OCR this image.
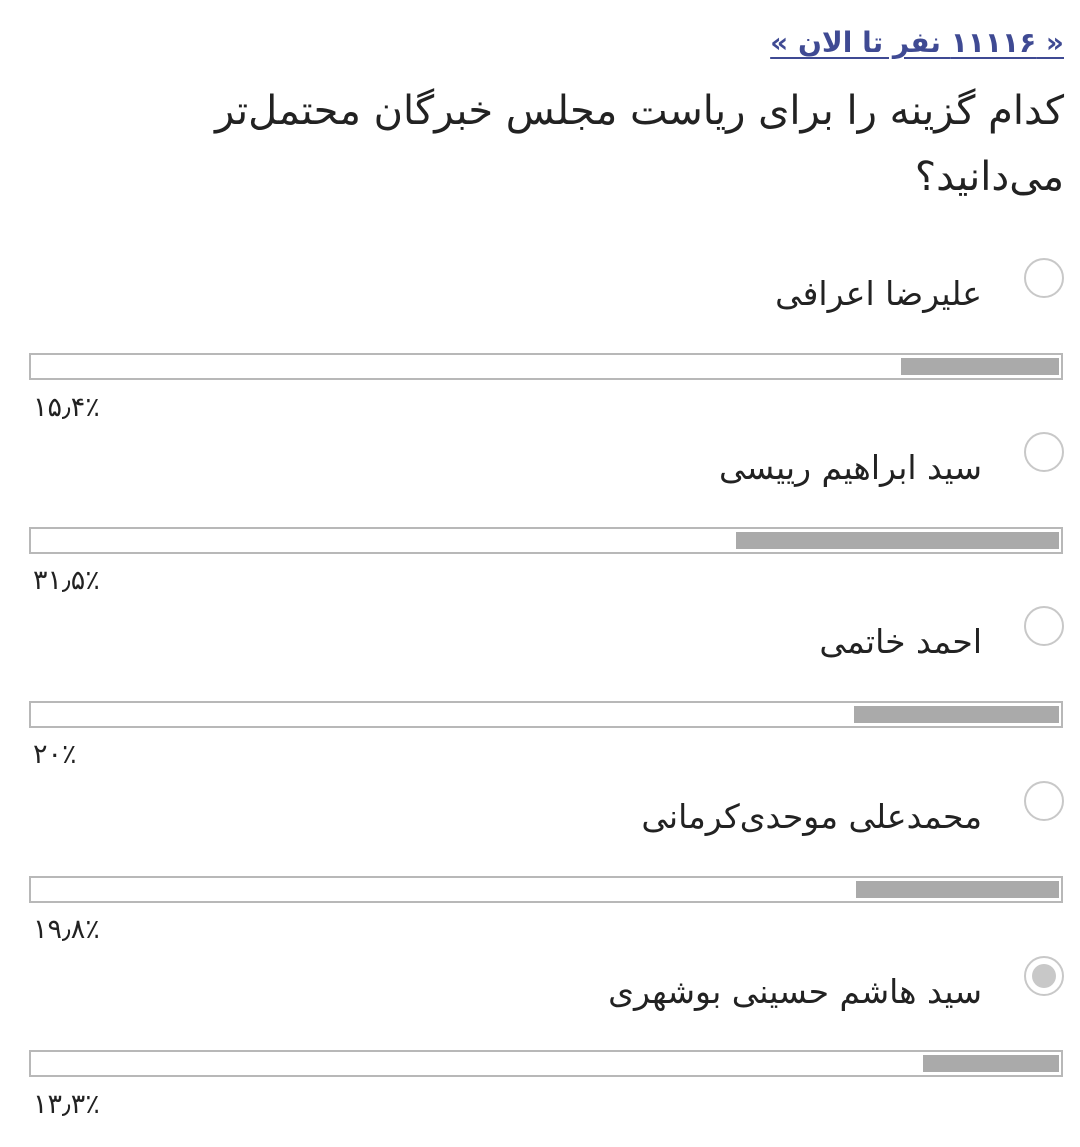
« ۱۱۱۱۶ نفر تا الان »
کدام گزینه را برای ریاست مجلس خبرگان محتمل‌تر می‌دانید؟
علیرضا اعرافی
۱۵٫۴٪
سید ابراهیم رییسی
۳۱٫۵٪
احمد خاتمی
۲۰٪
محمدعلی موحدی‌کرمانی
۱۹٫۸٪
سید هاشم حسینی بوشهری
۱۳٫۳٪
